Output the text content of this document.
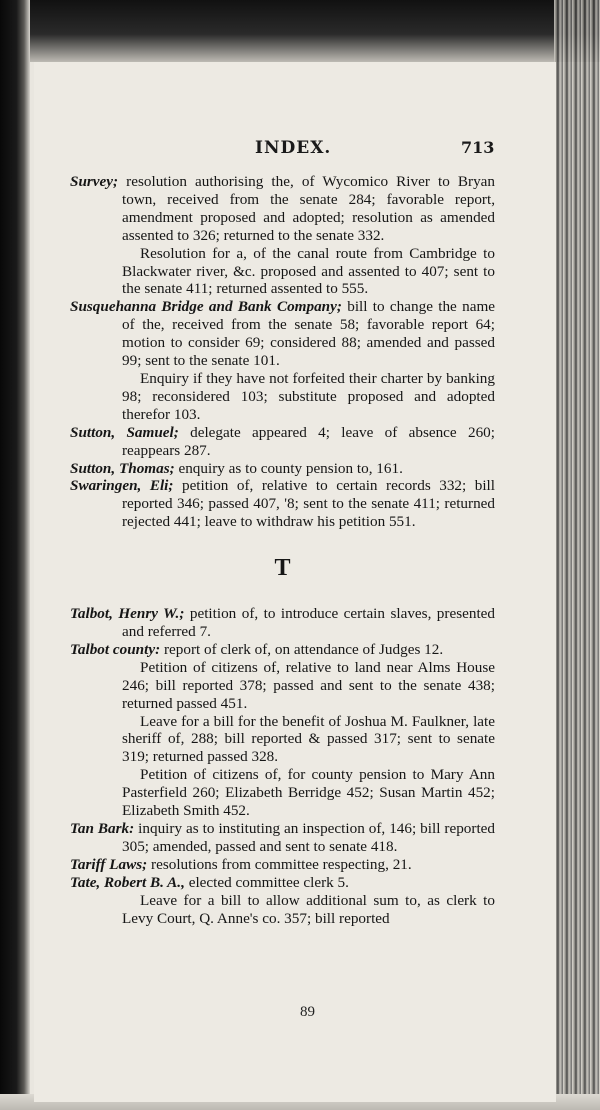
INDEX.	713

Survey; resolution authorising the, of Wycomico River to Bryan town, received from the senate 284; favorable report, amendment proposed and adopted; resolution as amended assented to 326; returned to the senate 332.

Resolution for a, of the canal route from Cambridge to Blackwater river, &c. proposed and assented to 407; sent to the senate 411; returned assented to 555.

Susquehanna Bridge and Bank Company; bill to change the name of the, received from the senate 58; favorable report 64; motion to consider 69; considered 88; amended and passed 99; sent to the senate 101.

Enquiry if they have not forfeited their charter by banking 98; reconsidered 103; substitute proposed and adopted therefor 103.

Sutton, Samuel; delegate appeared 4; leave of absence 260; reappears 287.

Sutton, Thomas; enquiry as to county pension to, 161.

Swaringen, Eli; petition of, relative to certain records 332; bill reported 346; passed 407, '8; sent to the senate 411; returned rejected 441; leave to withdraw his petition 551.

T

Talbot, Henry W.; petition of, to introduce certain slaves, presented and referred 7.

Talbot county: report of clerk of, on attendance of Judges 12.

Petition of citizens of, relative to land near Alms House 246; bill reported 378; passed and sent to the senate 438; returned passed 451.

Leave for a bill for the benefit of Joshua M. Faulkner, late sheriff of, 288; bill reported & passed 317; sent to senate 319; returned passed 328.

Petition of citizens of, for county pension to Mary Ann Pasterfield 260; Elizabeth Berridge 452; Susan Martin 452; Elizabeth Smith 452.

Tan Bark: inquiry as to instituting an inspection of, 146; bill reported 305; amended, passed and sent to senate 418.

Tariff Laws; resolutions from committee respecting, 21.

Tate, Robert B. A., elected committee clerk 5.

Leave for a bill to allow additional sum to, as clerk to Levy Court, Q. Anne's co. 357; bill reported

89
